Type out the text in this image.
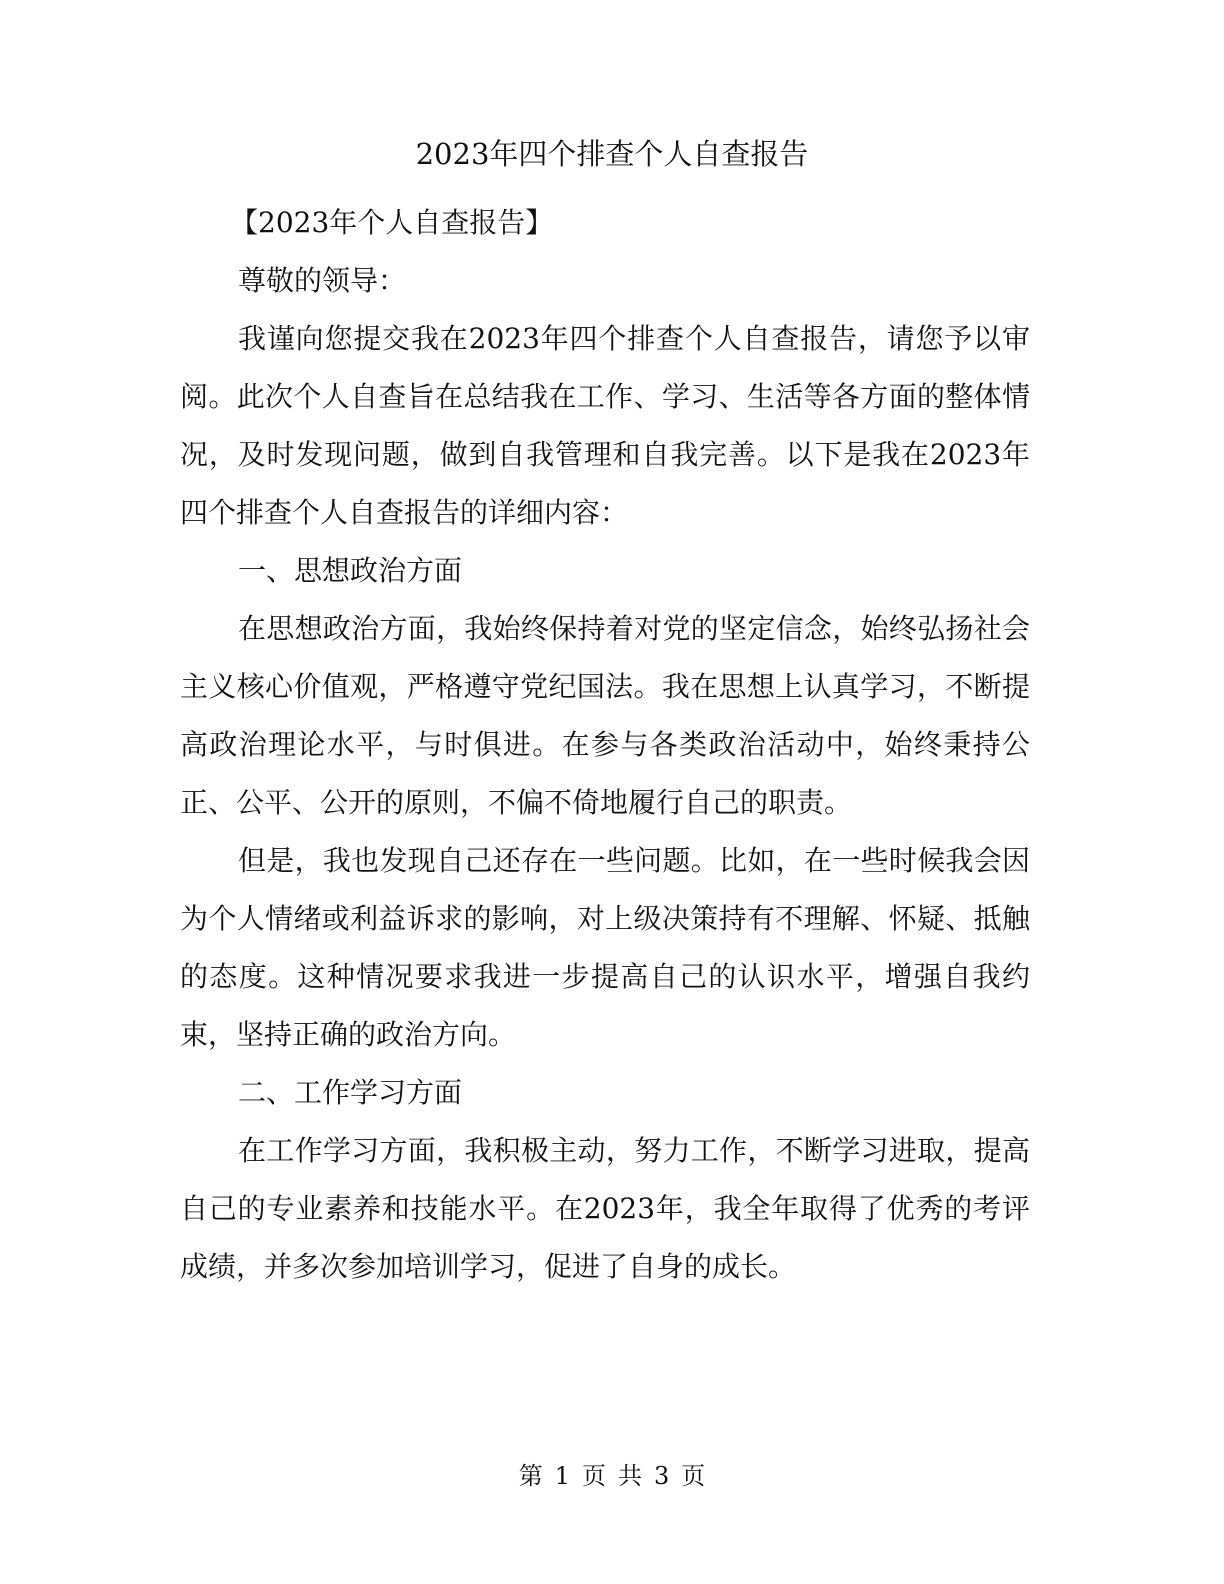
2023年四个排查个人自查报告

【2023年个人自查报告】

尊敬的领导：

我谨向您提交我在2023年四个排查个人自查报告，请您予以审阅。此次个人自查旨在总结我在工作、学习、生活等各方面的整体情况，及时发现问题，做到自我管理和自我完善。以下是我在2023年四个排查个人自查报告的详细内容：

一、思想政治方面

在思想政治方面，我始终保持着对党的坚定信念，始终弘扬社会主义核心价值观，严格遵守党纪国法。我在思想上认真学习，不断提高政治理论水平，与时俱进。在参与各类政治活动中，始终秉持公正、公平、公开的原则，不偏不倚地履行自己的职责。

但是，我也发现自己还存在一些问题。比如，在一些时候我会因为个人情绪或利益诉求的影响，对上级决策持有不理解、怀疑、抵触的态度。这种情况要求我进一步提高自己的认识水平，增强自我约束，坚持正确的政治方向。

二、工作学习方面

在工作学习方面，我积极主动，努力工作，不断学习进取，提高自己的专业素养和技能水平。在2023年，我全年取得了优秀的考评成绩，并多次参加培训学习，促进了自身的成长。

第 1 页 共 3 页
